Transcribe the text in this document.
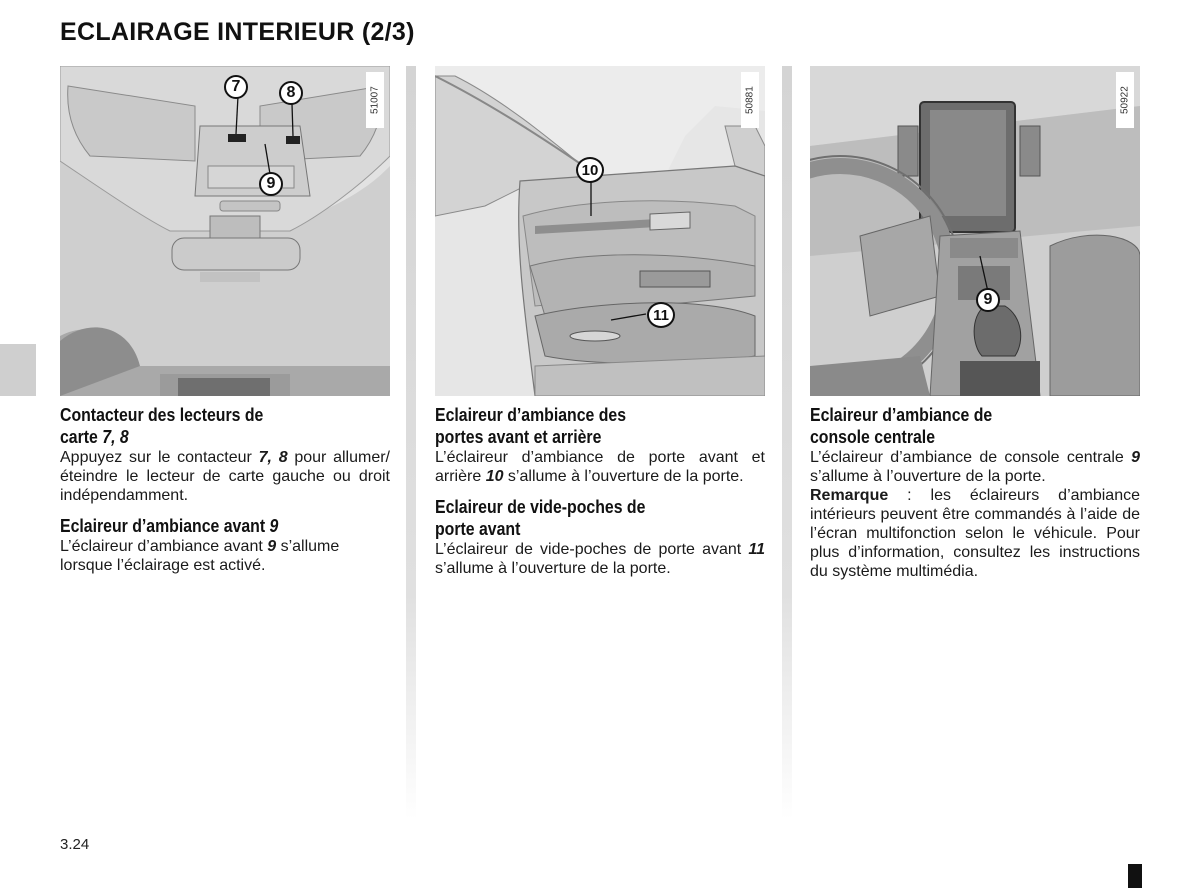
ECLAIRAGE INTERIEUR (2/3)
51007
7	8
9
50881
10
11
50922
9

Contacteur des lecteurs de
carte 7, 8

Appuyez sur le contacteur 7, 8 pour allumer/éteindre le lecteur de carte gauche ou droit indépendamment.

Eclaireur d’ambiance avant 9

L’éclaireur d’ambiance avant 9 s’allume lorsque l’éclairage est activé.

Eclaireur d’ambiance des
portes avant et arrière

L’éclaireur d’ambiance de porte avant et arrière 10 s’allume à l’ouverture de la porte.

Eclaireur de vide-poches de
porte avant

L’éclaireur de vide-poches de porte avant 11 s’allume à l’ouverture de la porte.

Eclaireur d’ambiance de
console centrale

L’éclaireur d’ambiance de console centrale 9 s’allume à l’ouverture de la porte.

Remarque : les éclaireurs d’ambiance intérieurs peuvent être commandés à l’aide de l’écran multifonction selon le véhicule. Pour plus d’information, consultez les instructions du système multimédia.

3.24
